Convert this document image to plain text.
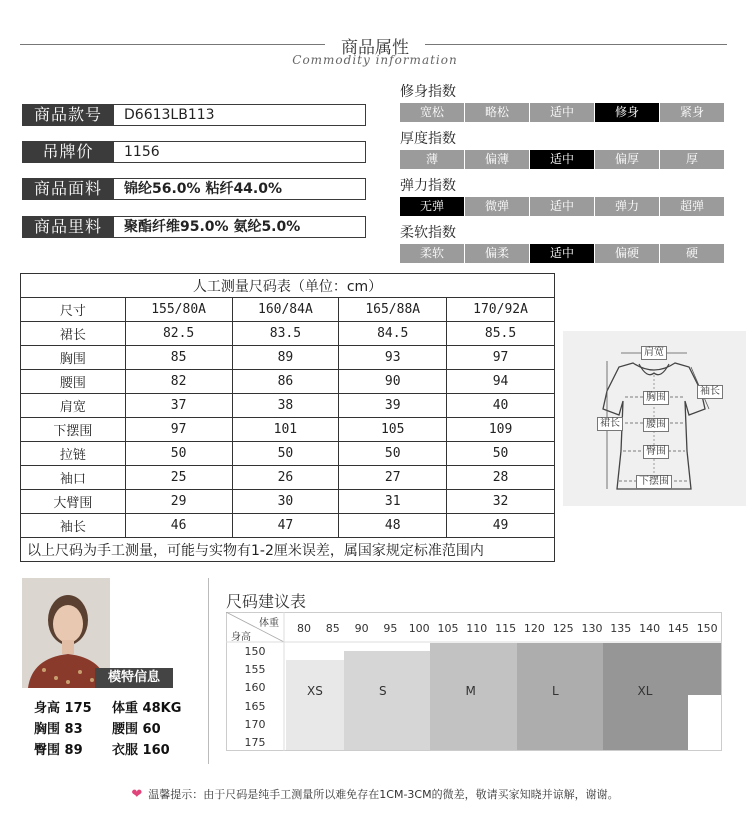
商品属性
Commodity information
商品款号	D6613LB113
吊牌价	1156
商品面料	锦纶56.0% 粘纤44.0%
商品里料	聚酯纤维95.0% 氨纶5.0%
修身指数
宽松	略松	适中	修身	紧身
厚度指数
薄	偏薄	适中	偏厚	厚
弹力指数
无弹	微弹	适中	弹力	超弹
柔软指数
柔软	偏柔	适中	偏硬	硬
人工测量尺码表（单位：cm）				
尺寸	155/80A	160/84A	165/88A	170/92A
裙长	82.5	83.5	84.5	85.5
胸围	85	89	93	97
腰围	82	86	90	94
肩宽	37	38	39	40
下摆围	97	101	105	109
拉链	50	50	50	50
袖口	25	26	27	28
大臂围	29	30	31	32
袖长	46	47	48	49
以上尺码为手工测量，可能与实物有1-2厘米误差，属国家规定标准范围内				
肩宽
袖长
胸围
裙长	腰围
臀围
下摆围
模特信息
身高 175 体重 48KG
胸围 83 腰围 60
臀围 89 衣服 160
尺码建议表
体重
身高
80	85	90	95	100 105 110 115 120 125 130 135 140 145 150
150
155
160
165
170
175
XS	S	M	L	XL
❤ 温馨提示：由于尺码是纯手工测量所以难免存在1CM-3CM的微差，敬请买家知晓并谅解，谢谢。
